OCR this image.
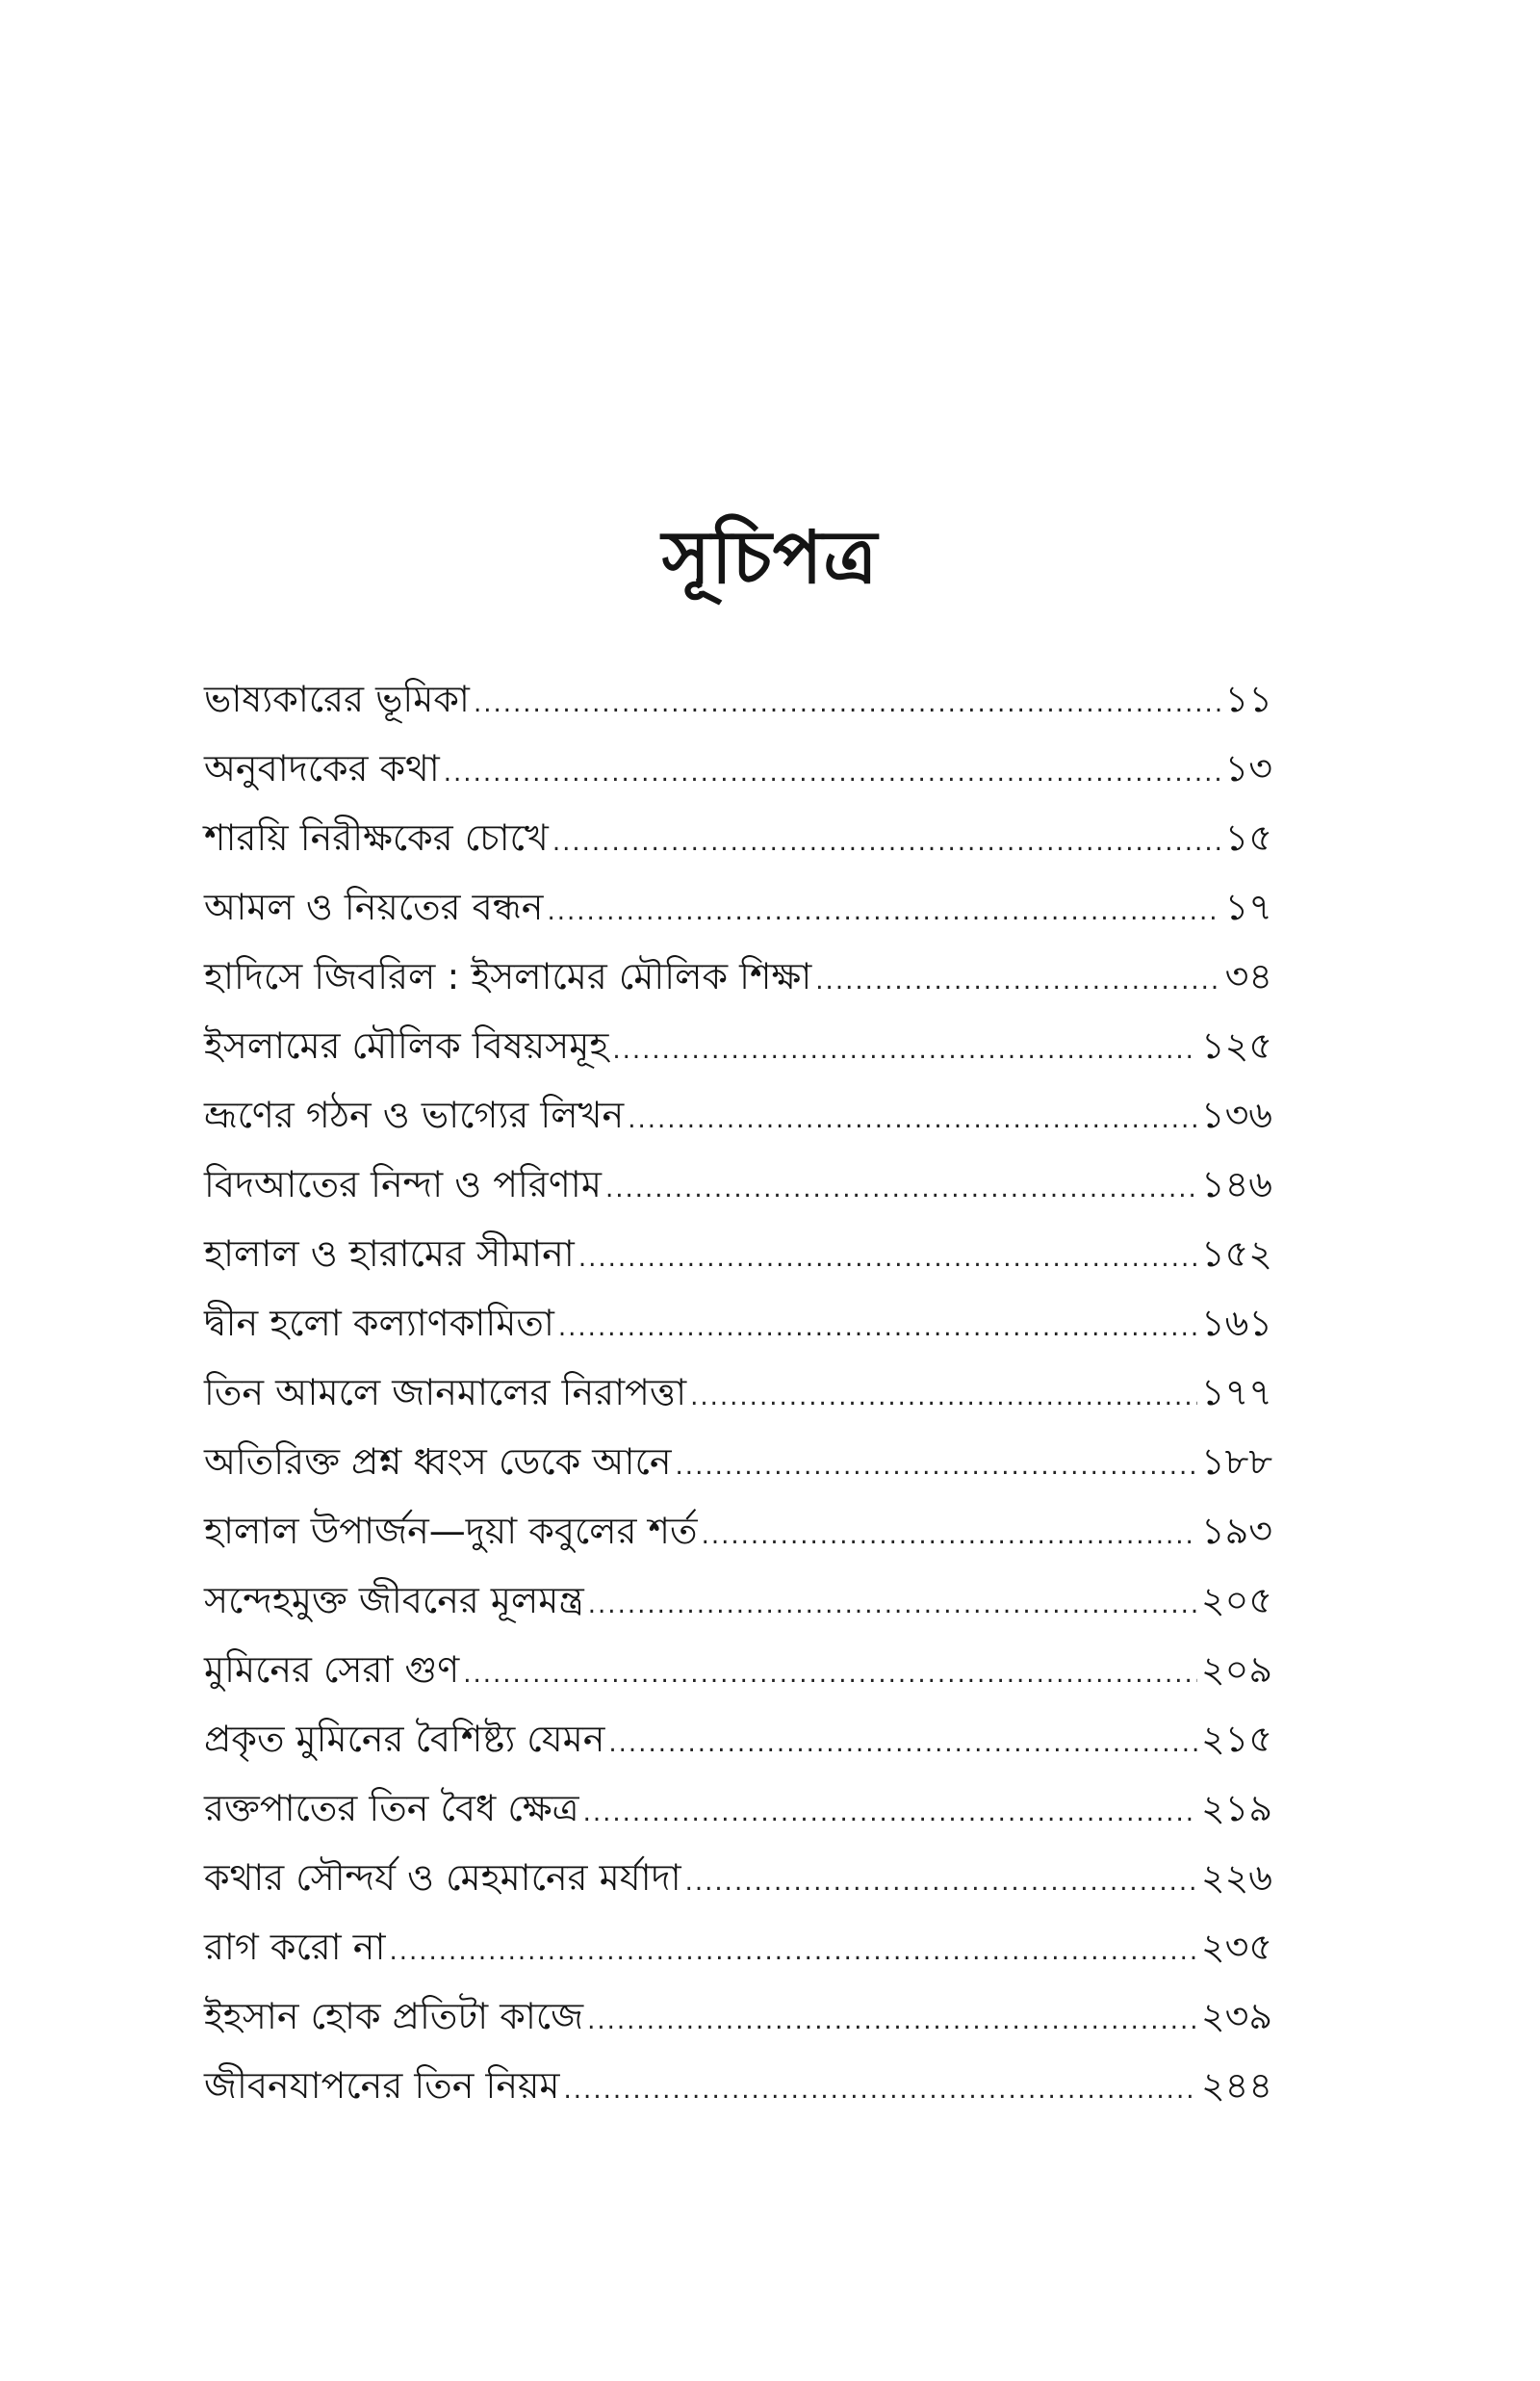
সূচিপত্র
ভাষ্যকারের ভূমিকা .....	১১
অনুবাদকের কথা .....	১৩
শারয়ি নিরীক্ষকের চোখে .....	১৫
আমল ও নিয়তের বন্ধন .....	১৭
হাদিসে জিবরিল : ইসলামের মৌলিক শিক্ষা .....	৩৪
ইসলামের মৌলিক বিষয়সমূহ .....	১২৫
ভ্রূণের গঠন ও ভাগ্যের লিখন .....	১৩৬
বিদআতের নিন্দা ও পরিণাম .....	১৪৬
হালাল ও হারামের সীমানা .....	১৫২
দ্বীন হলো কল্যাণকামিতা .....	১৬১
তিন আমলে জানমালের নিরাপত্তা .....	১৭৭
অতিরিক্ত প্রশ্ন ধ্বংস ডেকে আনে .....	১৮৮
হালাল উপার্জন—দুয়া কবুলের শর্ত .....	১৯৩
সন্দেহমুক্ত জীবনের মূলমন্ত্র .....	২০৫
মুমিনের সেরা গুণ .....	২০৯
প্রকৃত মুমিনের বৈশিষ্ট্য যেমন .....	২১৫
রক্তপাতের তিন বৈধ ক্ষেত্র .....	২১৯
কথার সৌন্দর্য ও মেহমানের মর্যাদা .....	২২৬
রাগ করো না .....	২৩৫
ইহসান হোক প্রতিটা কাজে .....	২৩৯
জীবনযাপনের তিন নিয়ম .....	২৪৪
